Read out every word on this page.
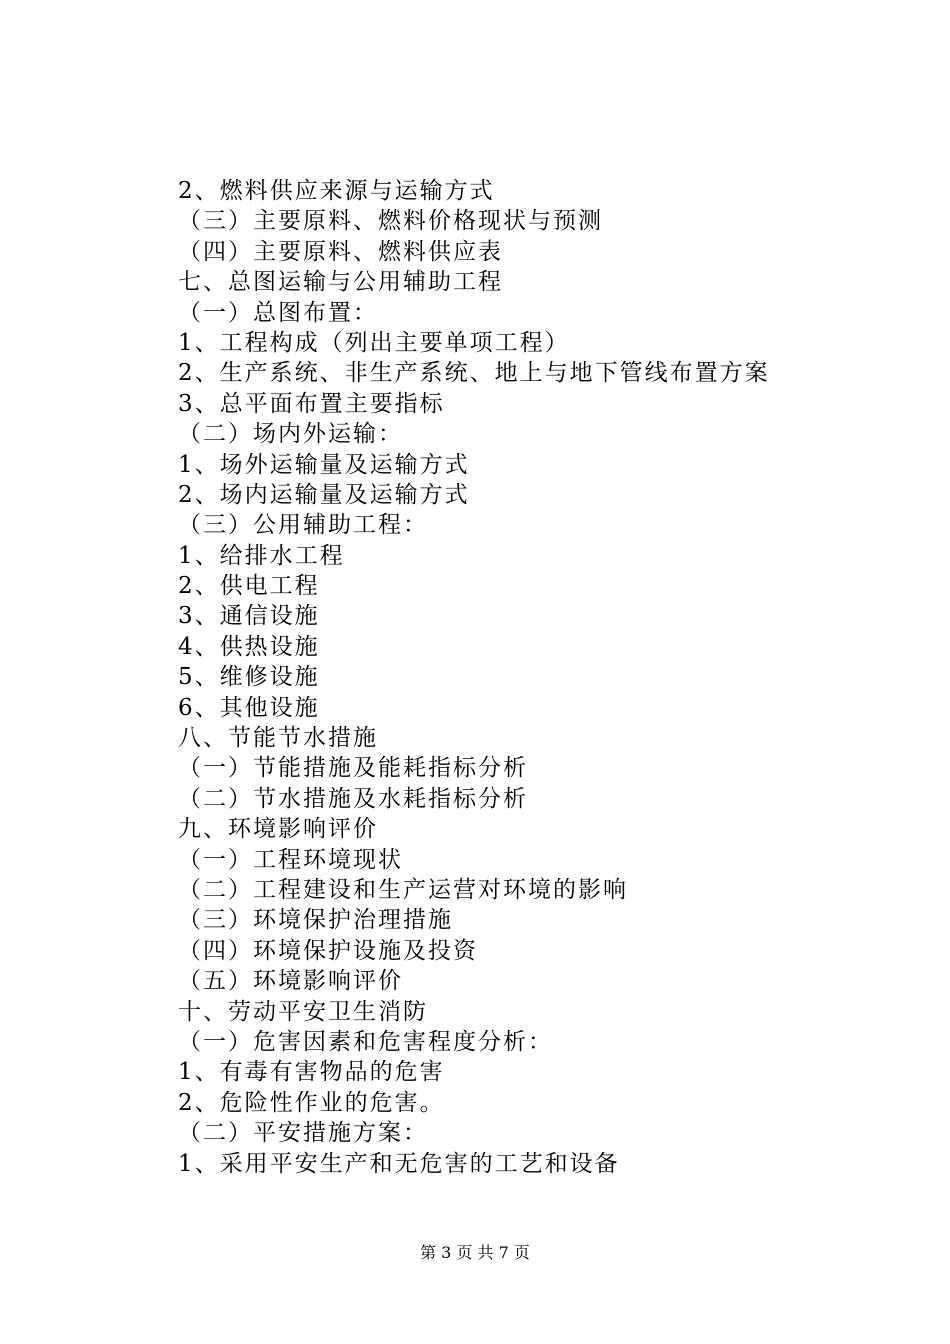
2、燃料供应来源与运输方式
（三）主要原料、燃料价格现状与预测
（四）主要原料、燃料供应表
七、总图运输与公用辅助工程
（一）总图布置：
1、工程构成（列出主要单项工程）
2、生产系统、非生产系统、地上与地下管线布置方案
3、总平面布置主要指标
（二）场内外运输：
1、场外运输量及运输方式
2、场内运输量及运输方式
（三）公用辅助工程：
1、给排水工程
2、供电工程
3、通信设施
4、供热设施
5、维修设施
6、其他设施
八、节能节水措施
（一）节能措施及能耗指标分析
（二）节水措施及水耗指标分析
九、环境影响评价
（一）工程环境现状
（二）工程建设和生产运营对环境的影响
（三）环境保护治理措施
（四）环境保护设施及投资
（五）环境影响评价
十、劳动平安卫生消防
（一）危害因素和危害程度分析：
1、有毒有害物品的危害
2、危险性作业的危害。
（二）平安措施方案：
1、采用平安生产和无危害的工艺和设备
第 3 页 共 7 页
